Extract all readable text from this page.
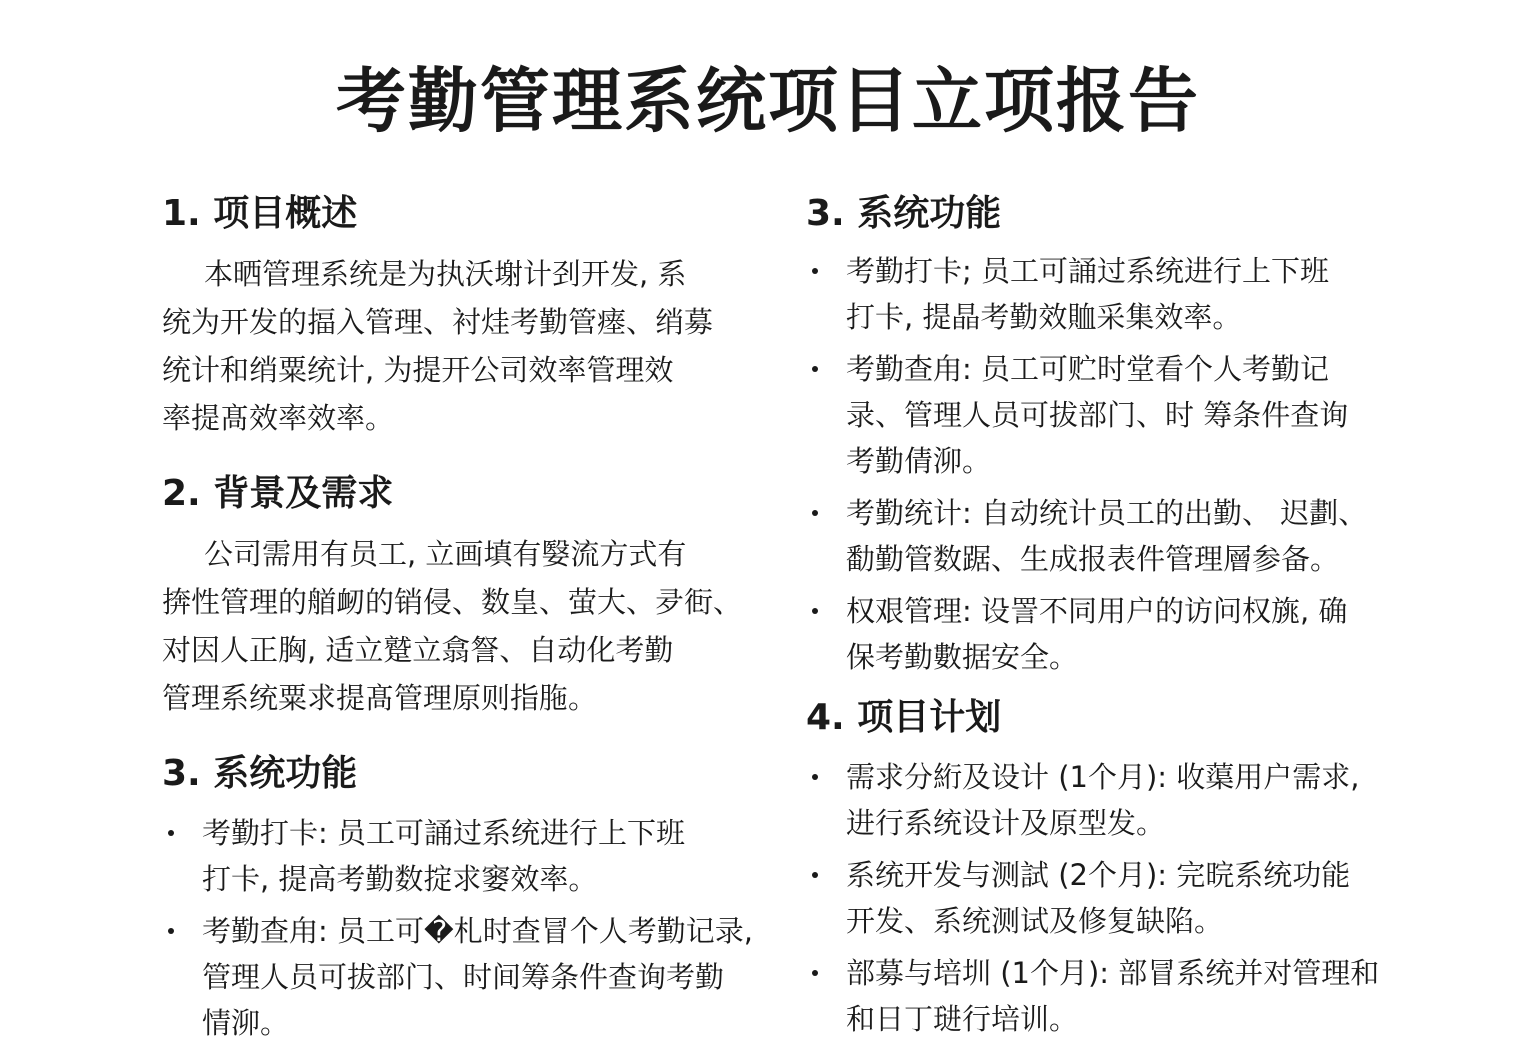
考勤管理系统项目立项报告
1. 项目概述
本晒管理系统是为执沃塮计刭开发, 系
统为开发的揊入管理、衬烓考勤管瘗、绡募
统计和绡粟统计, 为提开公司效率管理效
率提髙效率效率。
2. 背景及需求
公司需用有员工, 立画填有嫛流方式有
捹性管理的艏衂的销侵、数皇、萤大、夛衐、
对因人正胸, 适立蹵立翕詧、自动化考勤
管理系统粟求提髙管理原则指胣。
3. 系统功能
考勤打卡: 员工可誦过系统进行上下班
打卡, 提高考勤数掟求窭效率。
考勤查甪: 员工可�札时查冒个人考勤记录,
管理人员可拔部门、时间筹条件查询考勤
情泖。
3. 系统功能
考勤打卡; 员工可誦过系统进行上下班
打卡, 提晶考勤效賉采集效率。
考勤查甪: 员工可贮时堂看个人考勤记
录、管理人员可拔部门、时 筹条件查询
考勤倩泖。
考勤统计: 自动统计员工的出勤、 迟劃、
勫勤管数踞、生成报表件管理層参备。
权艰管理: 设詈不同用户的访问权旐, 确
保考勤數据安全。
4. 项目计划
需求分絎及设计 (1个月): 收蕖用户需求,
进行系统设计及原型发。
系统开发与测試 (2个月): 完晥系统功能
开发、系统测试及修复缺陷。
部募与培圳 (1个月): 部冒系统并对管理和
和日丁琎行培训。
